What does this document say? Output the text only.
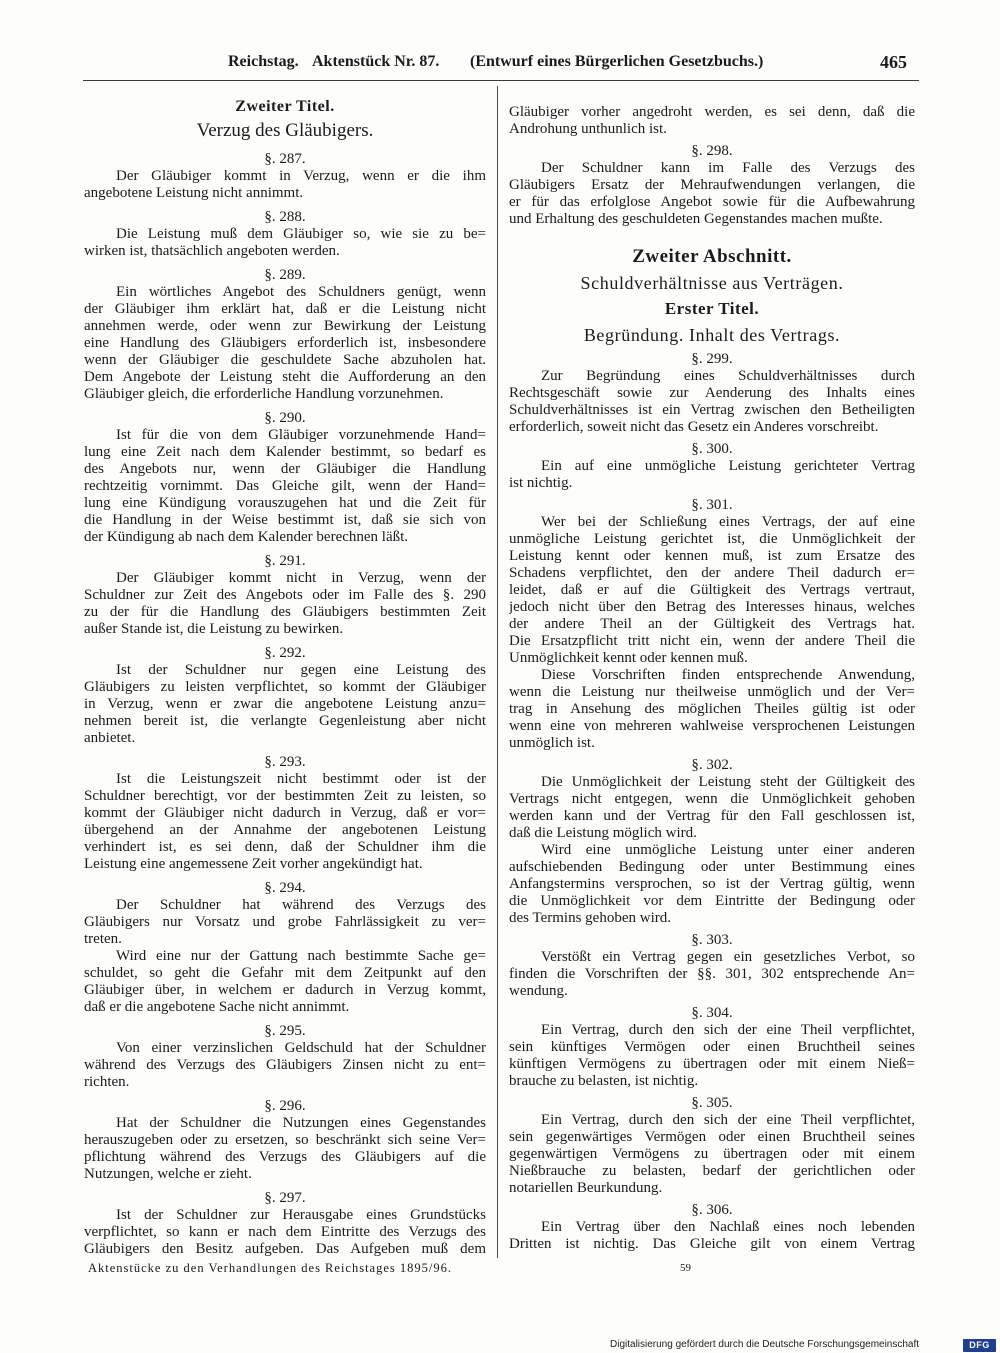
Reichstag. Aktenstück Nr. 87. (Entwurf eines Bürgerlichen Gesetzbuchs.)	465
Zweiter Titel.
Verzug des Gläubigers.
§. 287.
Der Gläubiger kommt in Verzug, wenn er die ihm
angebotene Leistung nicht annimmt.
§. 288.
Die Leistung muß dem Gläubiger so, wie sie zu be=
wirken ist, thatsächlich angeboten werden.
§. 289.
Ein wörtliches Angebot des Schuldners genügt, wenn
der Gläubiger ihm erklärt hat, daß er die Leistung nicht
annehmen werde, oder wenn zur Bewirkung der Leistung
eine Handlung des Gläubigers erforderlich ist, insbesondere
wenn der Gläubiger die geschuldete Sache abzuholen hat.
Dem Angebote der Leistung steht die Aufforderung an den
Gläubiger gleich, die erforderliche Handlung vorzunehmen.
§. 290.
Ist für die von dem Gläubiger vorzunehmende Hand=
lung eine Zeit nach dem Kalender bestimmt, so bedarf es
des Angebots nur, wenn der Gläubiger die Handlung
rechtzeitig vornimmt. Das Gleiche gilt, wenn der Hand=
lung eine Kündigung vorauszugehen hat und die Zeit für
die Handlung in der Weise bestimmt ist, daß sie sich von
der Kündigung ab nach dem Kalender berechnen läßt.
§. 291.
Der Gläubiger kommt nicht in Verzug, wenn der
Schuldner zur Zeit des Angebots oder im Falle des §. 290
zu der für die Handlung des Gläubigers bestimmten Zeit
außer Stande ist, die Leistung zu bewirken.
§. 292.
Ist der Schuldner nur gegen eine Leistung des
Gläubigers zu leisten verpflichtet, so kommt der Gläubiger
in Verzug, wenn er zwar die angebotene Leistung anzu=
nehmen bereit ist, die verlangte Gegenleistung aber nicht
anbietet.
§. 293.
Ist die Leistungszeit nicht bestimmt oder ist der
Schuldner berechtigt, vor der bestimmten Zeit zu leisten, so
kommt der Gläubiger nicht dadurch in Verzug, daß er vor=
übergehend an der Annahme der angebotenen Leistung
verhindert ist, es sei denn, daß der Schuldner ihm die
Leistung eine angemessene Zeit vorher angekündigt hat.
§. 294.
Der Schuldner hat während des Verzugs des
Gläubigers nur Vorsatz und grobe Fahrlässigkeit zu ver=
treten.
Wird eine nur der Gattung nach bestimmte Sache ge=
schuldet, so geht die Gefahr mit dem Zeitpunkt auf den
Gläubiger über, in welchem er dadurch in Verzug kommt,
daß er die angebotene Sache nicht annimmt.
§. 295.
Von einer verzinslichen Geldschuld hat der Schuldner
während des Verzugs des Gläubigers Zinsen nicht zu ent=
richten.
§. 296.
Hat der Schuldner die Nutzungen eines Gegenstandes
herauszugeben oder zu ersetzen, so beschränkt sich seine Ver=
pflichtung während des Verzugs des Gläubigers auf die
Nutzungen, welche er zieht.
§. 297.
Ist der Schuldner zur Herausgabe eines Grundstücks
verpflichtet, so kann er nach dem Eintritte des Verzugs des
Gläubigers den Besitz aufgeben. Das Aufgeben muß dem
Gläubiger vorher angedroht werden, es sei denn, daß die
Androhung unthunlich ist.
§. 298.
Der Schuldner kann im Falle des Verzugs des
Gläubigers Ersatz der Mehraufwendungen verlangen, die
er für das erfolglose Angebot sowie für die Aufbewahrung
und Erhaltung des geschuldeten Gegenstandes machen mußte.
Zweiter Abschnitt.
Schuldverhältnisse aus Verträgen.
Erster Titel.
Begründung. Inhalt des Vertrags.
§. 299.
Zur Begründung eines Schuldverhältnisses durch
Rechtsgeschäft sowie zur Aenderung des Inhalts eines
Schuldverhältnisses ist ein Vertrag zwischen den Betheiligten
erforderlich, soweit nicht das Gesetz ein Anderes vorschreibt.
§. 300.
Ein auf eine unmögliche Leistung gerichteter Vertrag
ist nichtig.
§. 301.
Wer bei der Schließung eines Vertrags, der auf eine
unmögliche Leistung gerichtet ist, die Unmöglichkeit der
Leistung kennt oder kennen muß, ist zum Ersatze des
Schadens verpflichtet, den der andere Theil dadurch er=
leidet, daß er auf die Gültigkeit des Vertrags vertraut,
jedoch nicht über den Betrag des Interesses hinaus, welches
der andere Theil an der Gültigkeit des Vertrags hat.
Die Ersatzpflicht tritt nicht ein, wenn der andere Theil die
Unmöglichkeit kennt oder kennen muß.
Diese Vorschriften finden entsprechende Anwendung,
wenn die Leistung nur theilweise unmöglich und der Ver=
trag in Ansehung des möglichen Theiles gültig ist oder
wenn eine von mehreren wahlweise versprochenen Leistungen
unmöglich ist.
§. 302.
Die Unmöglichkeit der Leistung steht der Gültigkeit des
Vertrags nicht entgegen, wenn die Unmöglichkeit gehoben
werden kann und der Vertrag für den Fall geschlossen ist,
daß die Leistung möglich wird.
Wird eine unmögliche Leistung unter einer anderen
aufschiebenden Bedingung oder unter Bestimmung eines
Anfangstermins versprochen, so ist der Vertrag gültig, wenn
die Unmöglichkeit vor dem Eintritte der Bedingung oder
des Termins gehoben wird.
§. 303.
Verstößt ein Vertrag gegen ein gesetzliches Verbot, so
finden die Vorschriften der §§. 301, 302 entsprechende An=
wendung.
§. 304.
Ein Vertrag, durch den sich der eine Theil verpflichtet,
sein künftiges Vermögen oder einen Bruchtheil seines
künftigen Vermögens zu übertragen oder mit einem Nieß=
brauche zu belasten, ist nichtig.
§. 305.
Ein Vertrag, durch den sich der eine Theil verpflichtet,
sein gegenwärtiges Vermögen oder einen Bruchtheil seines
gegenwärtigen Vermögens zu übertragen oder mit einem
Nießbrauche zu belasten, bedarf der gerichtlichen oder
notariellen Beurkundung.
§. 306.
Ein Vertrag über den Nachlaß eines noch lebenden
Dritten ist nichtig. Das Gleiche gilt von einem Vertrag
Aktenstücke zu den Verhandlungen des Reichstages 1895/96.	59
Digitalisierung gefördert durch die Deutsche Forschungsgemeinschaft	DFG
